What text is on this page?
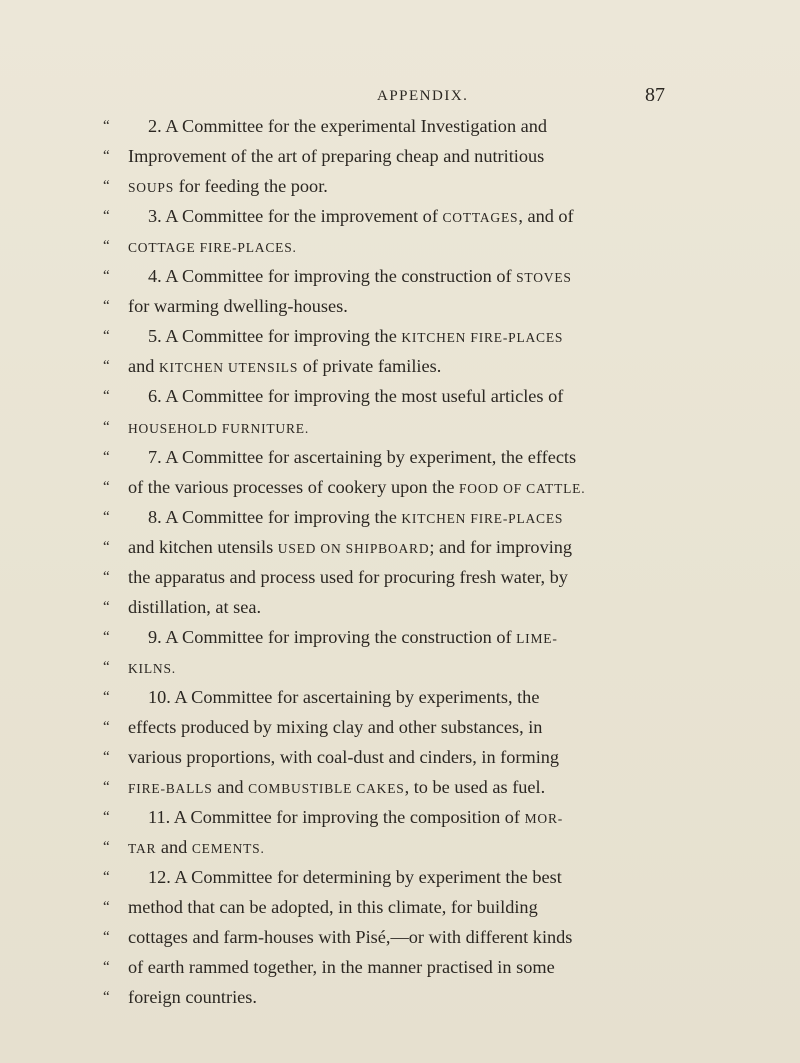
APPENDIX.	87
“	2. A Committee for the experimental Investigation and
“	Improvement of the art of preparing cheap and nutritious
“	SOUPS for feeding the poor.
“	3. A Committee for the improvement of COTTAGES, and of
“	COTTAGE FIRE-PLACES.
“	4. A Committee for improving the construction of STOVES
“	for warming dwelling-houses.
“	5. A Committee for improving the KITCHEN FIRE-PLACES
“	and KITCHEN UTENSILS of private families.
“	6. A Committee for improving the most useful articles of
“	HOUSEHOLD FURNITURE.
“	7. A Committee for ascertaining by experiment, the effects
“	of the various processes of cookery upon the FOOD OF CATTLE.
“	8. A Committee for improving the KITCHEN FIRE-PLACES
“	and kitchen utensils USED ON SHIPBOARD; and for improving
“	the apparatus and process used for procuring fresh water, by
“	distillation, at sea.
“	9. A Committee for improving the construction of LIME-
“	KILNS.
“	10. A Committee for ascertaining by experiments, the
“	effects produced by mixing clay and other substances, in
“	various proportions, with coal-dust and cinders, in forming
“	FIRE-BALLS and COMBUSTIBLE CAKES, to be used as fuel.
“	11. A Committee for improving the composition of MOR-
“	TAR and CEMENTS.
“	12. A Committee for determining by experiment the best
“	method that can be adopted, in this climate, for building
“	cottages and farm-houses with Pisé,—or with different kinds
“	of earth rammed together, in the manner practised in some
“	foreign countries.
